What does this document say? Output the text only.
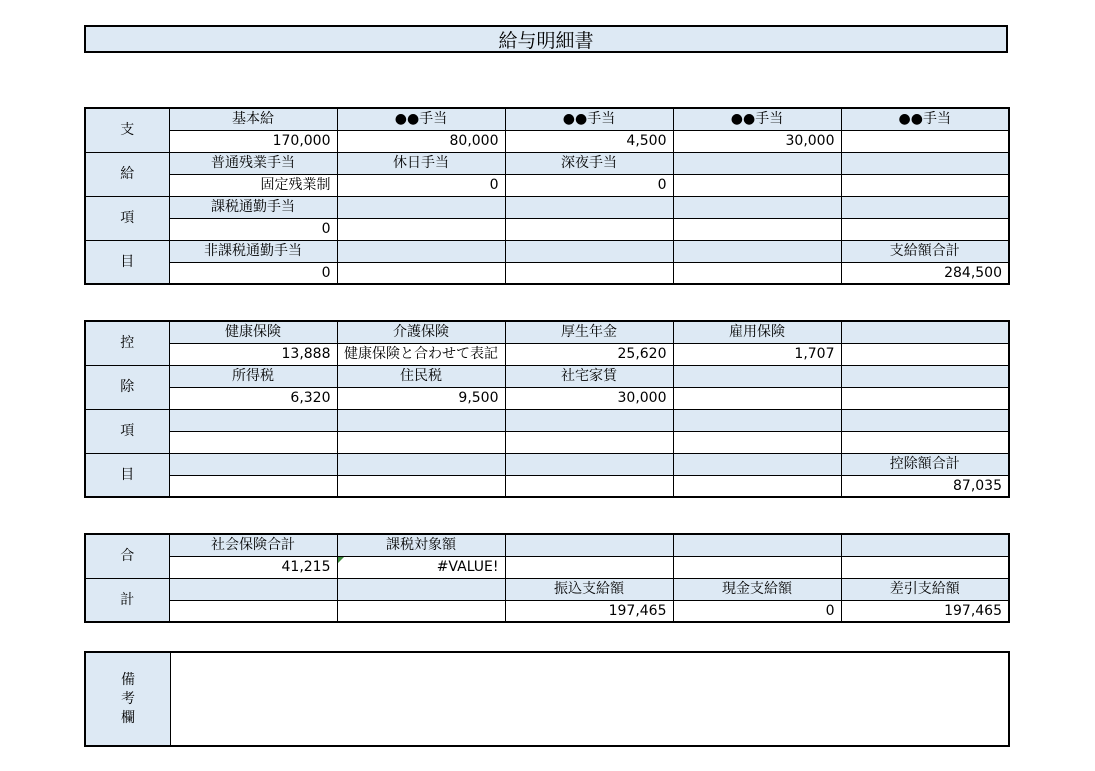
給与明細書
支	基本給	●●手当	●●手当	●●手当	●●手当
	170,000	80,000	4,500	30,000	
給	普通残業手当	休日手当	深夜手当		
	固定残業制	0	0		
項	課税通勤手当				
	0				
目	非課税通勤手当				支給額合計
	0				284,500
控	健康保険	介護保険	厚生年金	雇用保険	
	13,888	健康保険と合わせて表記	25,620	1,707	
除	所得税	住民税	社宅家賃		
	6,320	9,500	30,000		
項					

目					控除額合計
					87,035
合	社会保険合計	課税対象額			
	41,215	#VALUE!			
計			振込支給額	現金支給額	差引支給額
			197,465	0	197,465
備
考
欄
